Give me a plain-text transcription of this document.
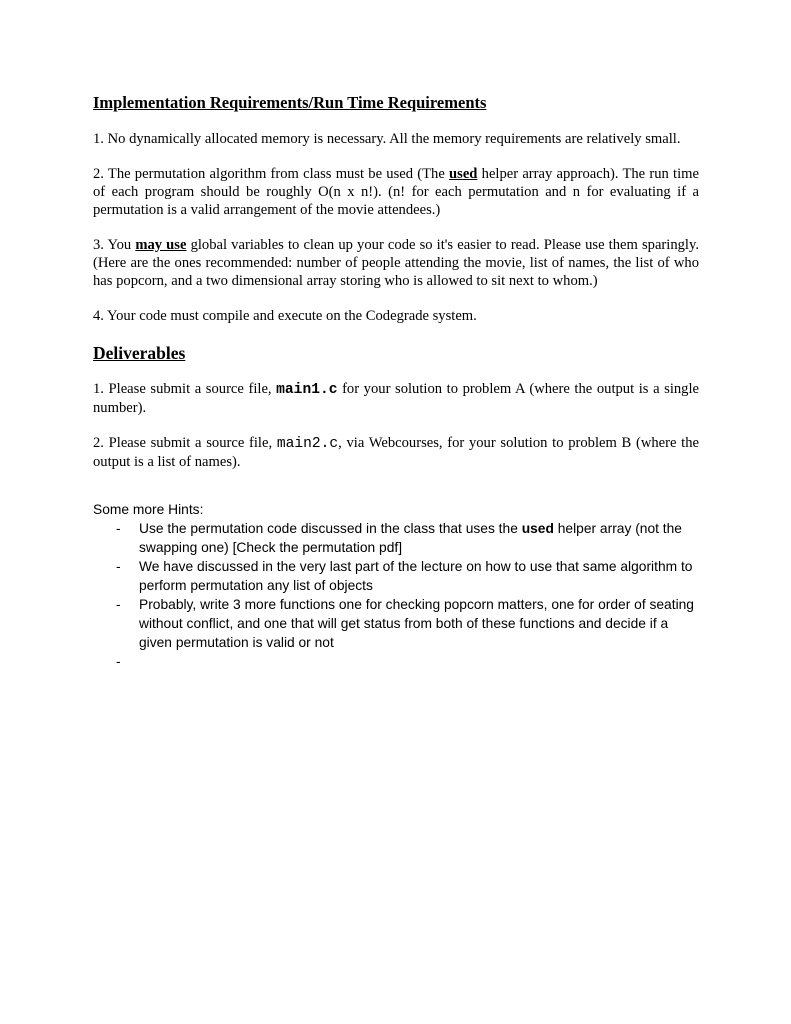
Implementation Requirements/Run Time Requirements

1. No dynamically allocated memory is necessary. All the memory requirements are relatively small.

2. The permutation algorithm from class must be used (The used helper array approach). The run time of each program should be roughly O(n x n!). (n! for each permutation and n for evaluating if a permutation is a valid arrangement of the movie attendees.)

3. You may use global variables to clean up your code so it's easier to read. Please use them sparingly. (Here are the ones recommended: number of people attending the movie, list of names, the list of who has popcorn, and a two dimensional array storing who is allowed to sit next to whom.)

4. Your code must compile and execute on the Codegrade system.

Deliverables

1. Please submit a source file, main1.c for your solution to problem A (where the output is a single number).

2. Please submit a source file, main2.c, via Webcourses, for your solution to problem B (where the output is a list of names).

Some more Hints:
- Use the permutation code discussed in the class that uses the used helper array (not the swapping one) [Check the permutation pdf]
- We have discussed in the very last part of the lecture on how to use that same algorithm to perform permutation any list of objects
- Probably, write 3 more functions one for checking popcorn matters, one for order of seating without conflict, and one that will get status from both of these functions and decide if a given permutation is valid or not
-
